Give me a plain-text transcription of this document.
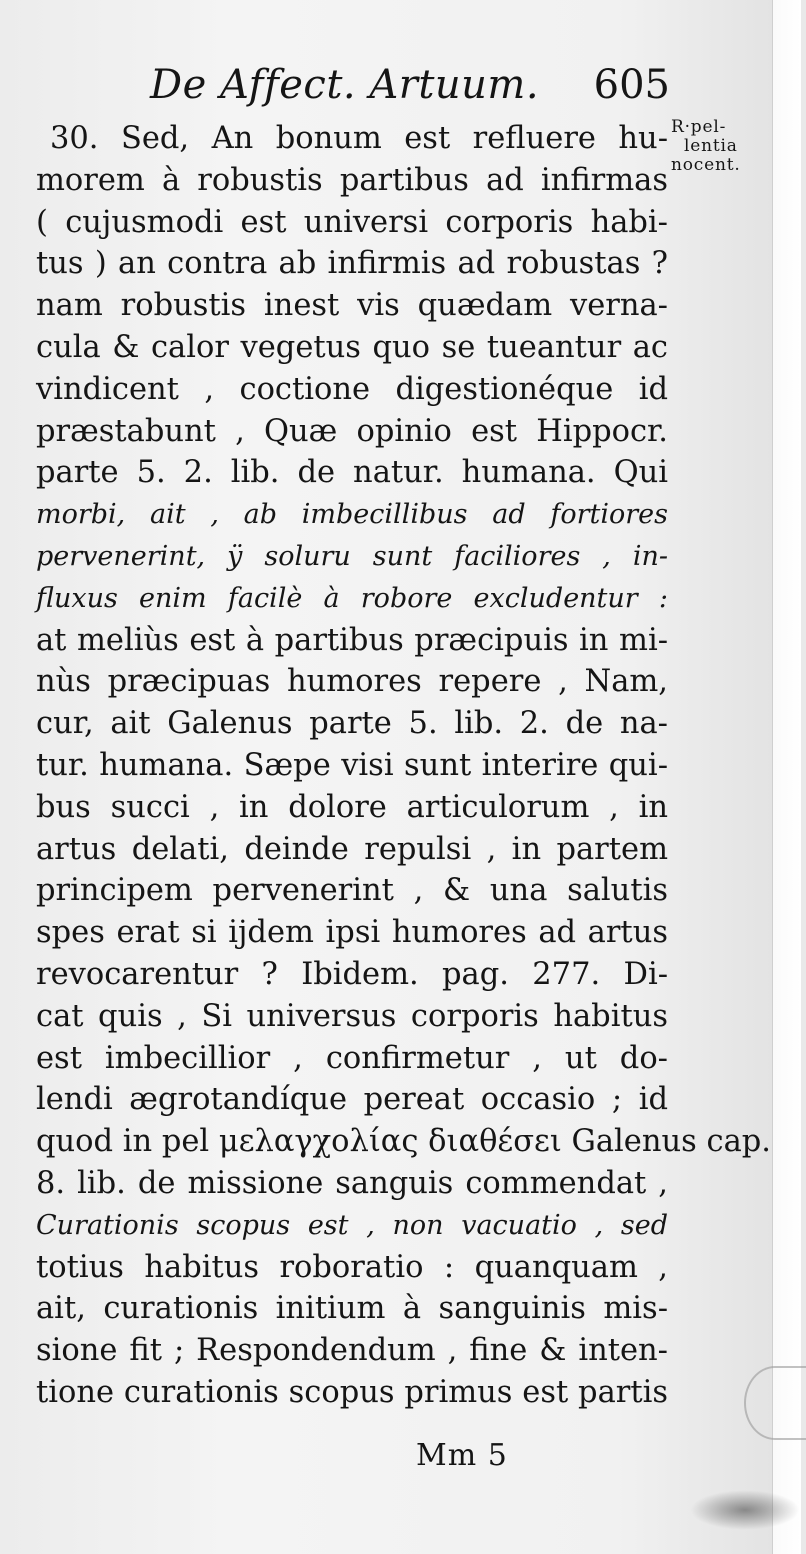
De Affect. Artuum. 605
R·pel-
lentia
nocent.
30. Sed, An bonum est refluere hu-
morem à robustis partibus ad infirmas
( cujusmodi est universi corporis habi-
tus ) an contra ab infirmis ad robustas ?
nam robustis inest vis quædam verna-
cula & calor vegetus quo se tueantur ac
vindicent , coctione digestionéque id
præstabunt , Quæ opinio est Hippocr.
parte 5. 2. lib. de natur. humana. Qui
morbi, ait , ab imbecillibus ad fortiores
pervenerint, ÿ soluru sunt faciliores , in-
fluxus enim facilè à robore excludentur :
at meliùs est à partibus præcipuis in mi-
nùs præcipuas humores repere , Nam,
cur, ait Galenus parte 5. lib. 2. de na-
tur. humana. Sæpe visi sunt interire qui-
bus succi , in dolore articulorum , in
artus delati, deinde repulsi , in partem
principem pervenerint , & una salutis
spes erat si ijdem ipsi humores ad artus
revocarentur ? Ibidem. pag. 277. Di-
cat quis , Si universus corporis habitus
est imbecillior , confirmetur , ut do-
lendi ægrotandíque pereat occasio ; id
quod in pel μελαγχολίας διαθέσει Galenus cap.
8. lib. de missione sanguis commendat ,
Curationis scopus est , non vacuatio , sed
totius habitus roboratio : quanquam ,
ait, curationis initium à sanguinis mis-
sione fit ; Respondendum , fine & inten-
tione curationis scopus primus est partis
Mm 5
